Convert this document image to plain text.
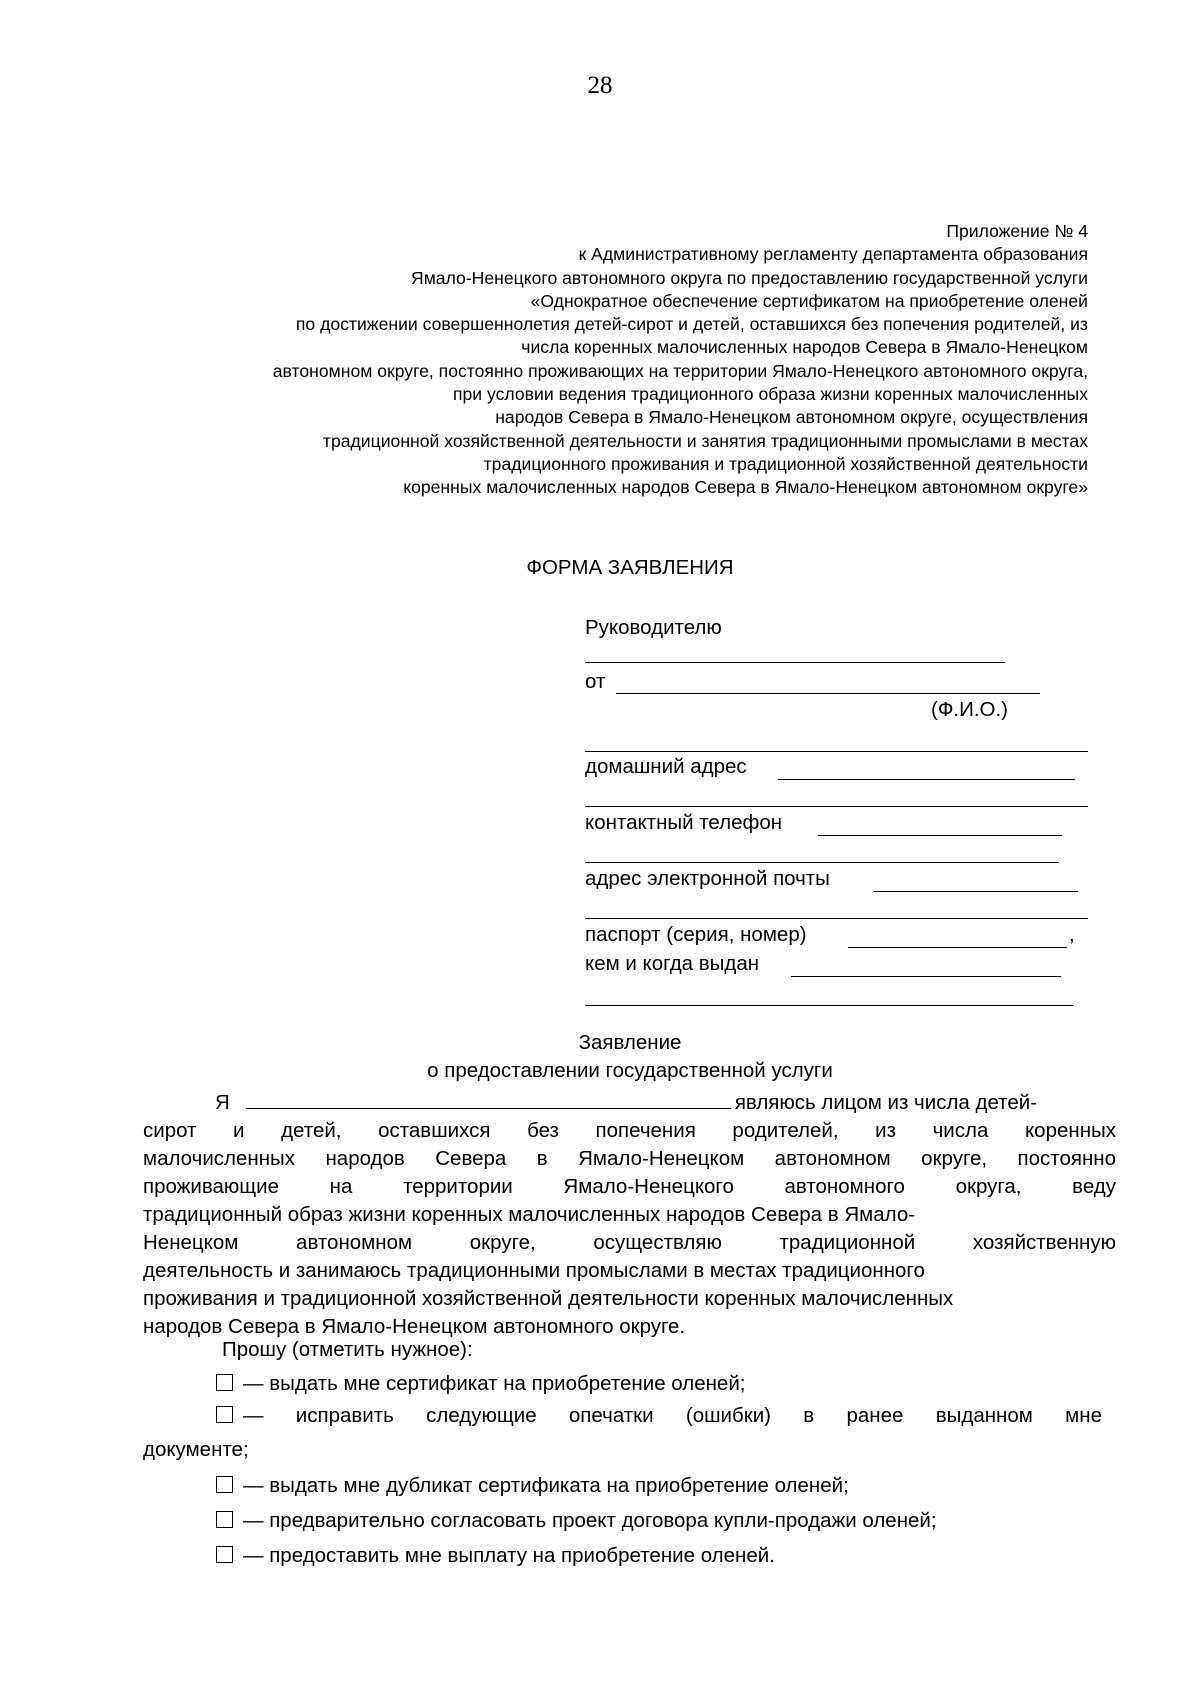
28
Приложение № 4
к Административному регламенту департамента образования
Ямало-Ненецкого автономного округа по предоставлению государственной услуги
«Однократное обеспечение сертификатом на приобретение оленей
по достижении совершеннолетия детей-сирот и детей, оставшихся без попечения родителей, из
числа коренных малочисленных народов Севера в Ямало-Ненецком
автономном округе, постоянно проживающих на территории Ямало-Ненецкого автономного округа,
при условии ведения традиционного образа жизни коренных малочисленных
народов Севера в Ямало-Ненецком автономном округе, осуществления
традиционной хозяйственной деятельности и занятия традиционными промыслами в местах
традиционного проживания и традиционной хозяйственной деятельности
коренных малочисленных народов Севера в Ямало-Ненецком автономном округе»
ФОРМА ЗАЯВЛЕНИЯ
Руководителю
от
(Ф.И.О.)
домашний адрес
контактный телефон
адрес электронной почты
паспорт (серия, номер)	,
кем и когда выдан
Заявление
о предоставлении государственной услуги
Я	являюсь лицом из числа детей-
сирот и детей, оставшихся без попечения родителей, из числа коренных
малочисленных народов Севера в Ямало-Ненецком автономном округе, постоянно
проживающие на территории Ямало-Ненецкого автономного округа, веду
традиционный образ жизни коренных малочисленных народов Севера в Ямало-
Ненецком автономном округе, осуществляю традиционной хозяйственную
деятельность и занимаюсь традиционными промыслами в местах традиционного
проживания и традиционной хозяйственной деятельности коренных малочисленных
народов Севера в Ямало-Ненецком автономного округе.
Прошу (отметить нужное):
— выдать мне сертификат на приобретение оленей;
— исправить следующие опечатки (ошибки) в ранее выданном мне
документе;
— выдать мне дубликат сертификата на приобретение оленей;
— предварительно согласовать проект договора купли-продажи оленей;
— предоставить мне выплату на приобретение оленей.
